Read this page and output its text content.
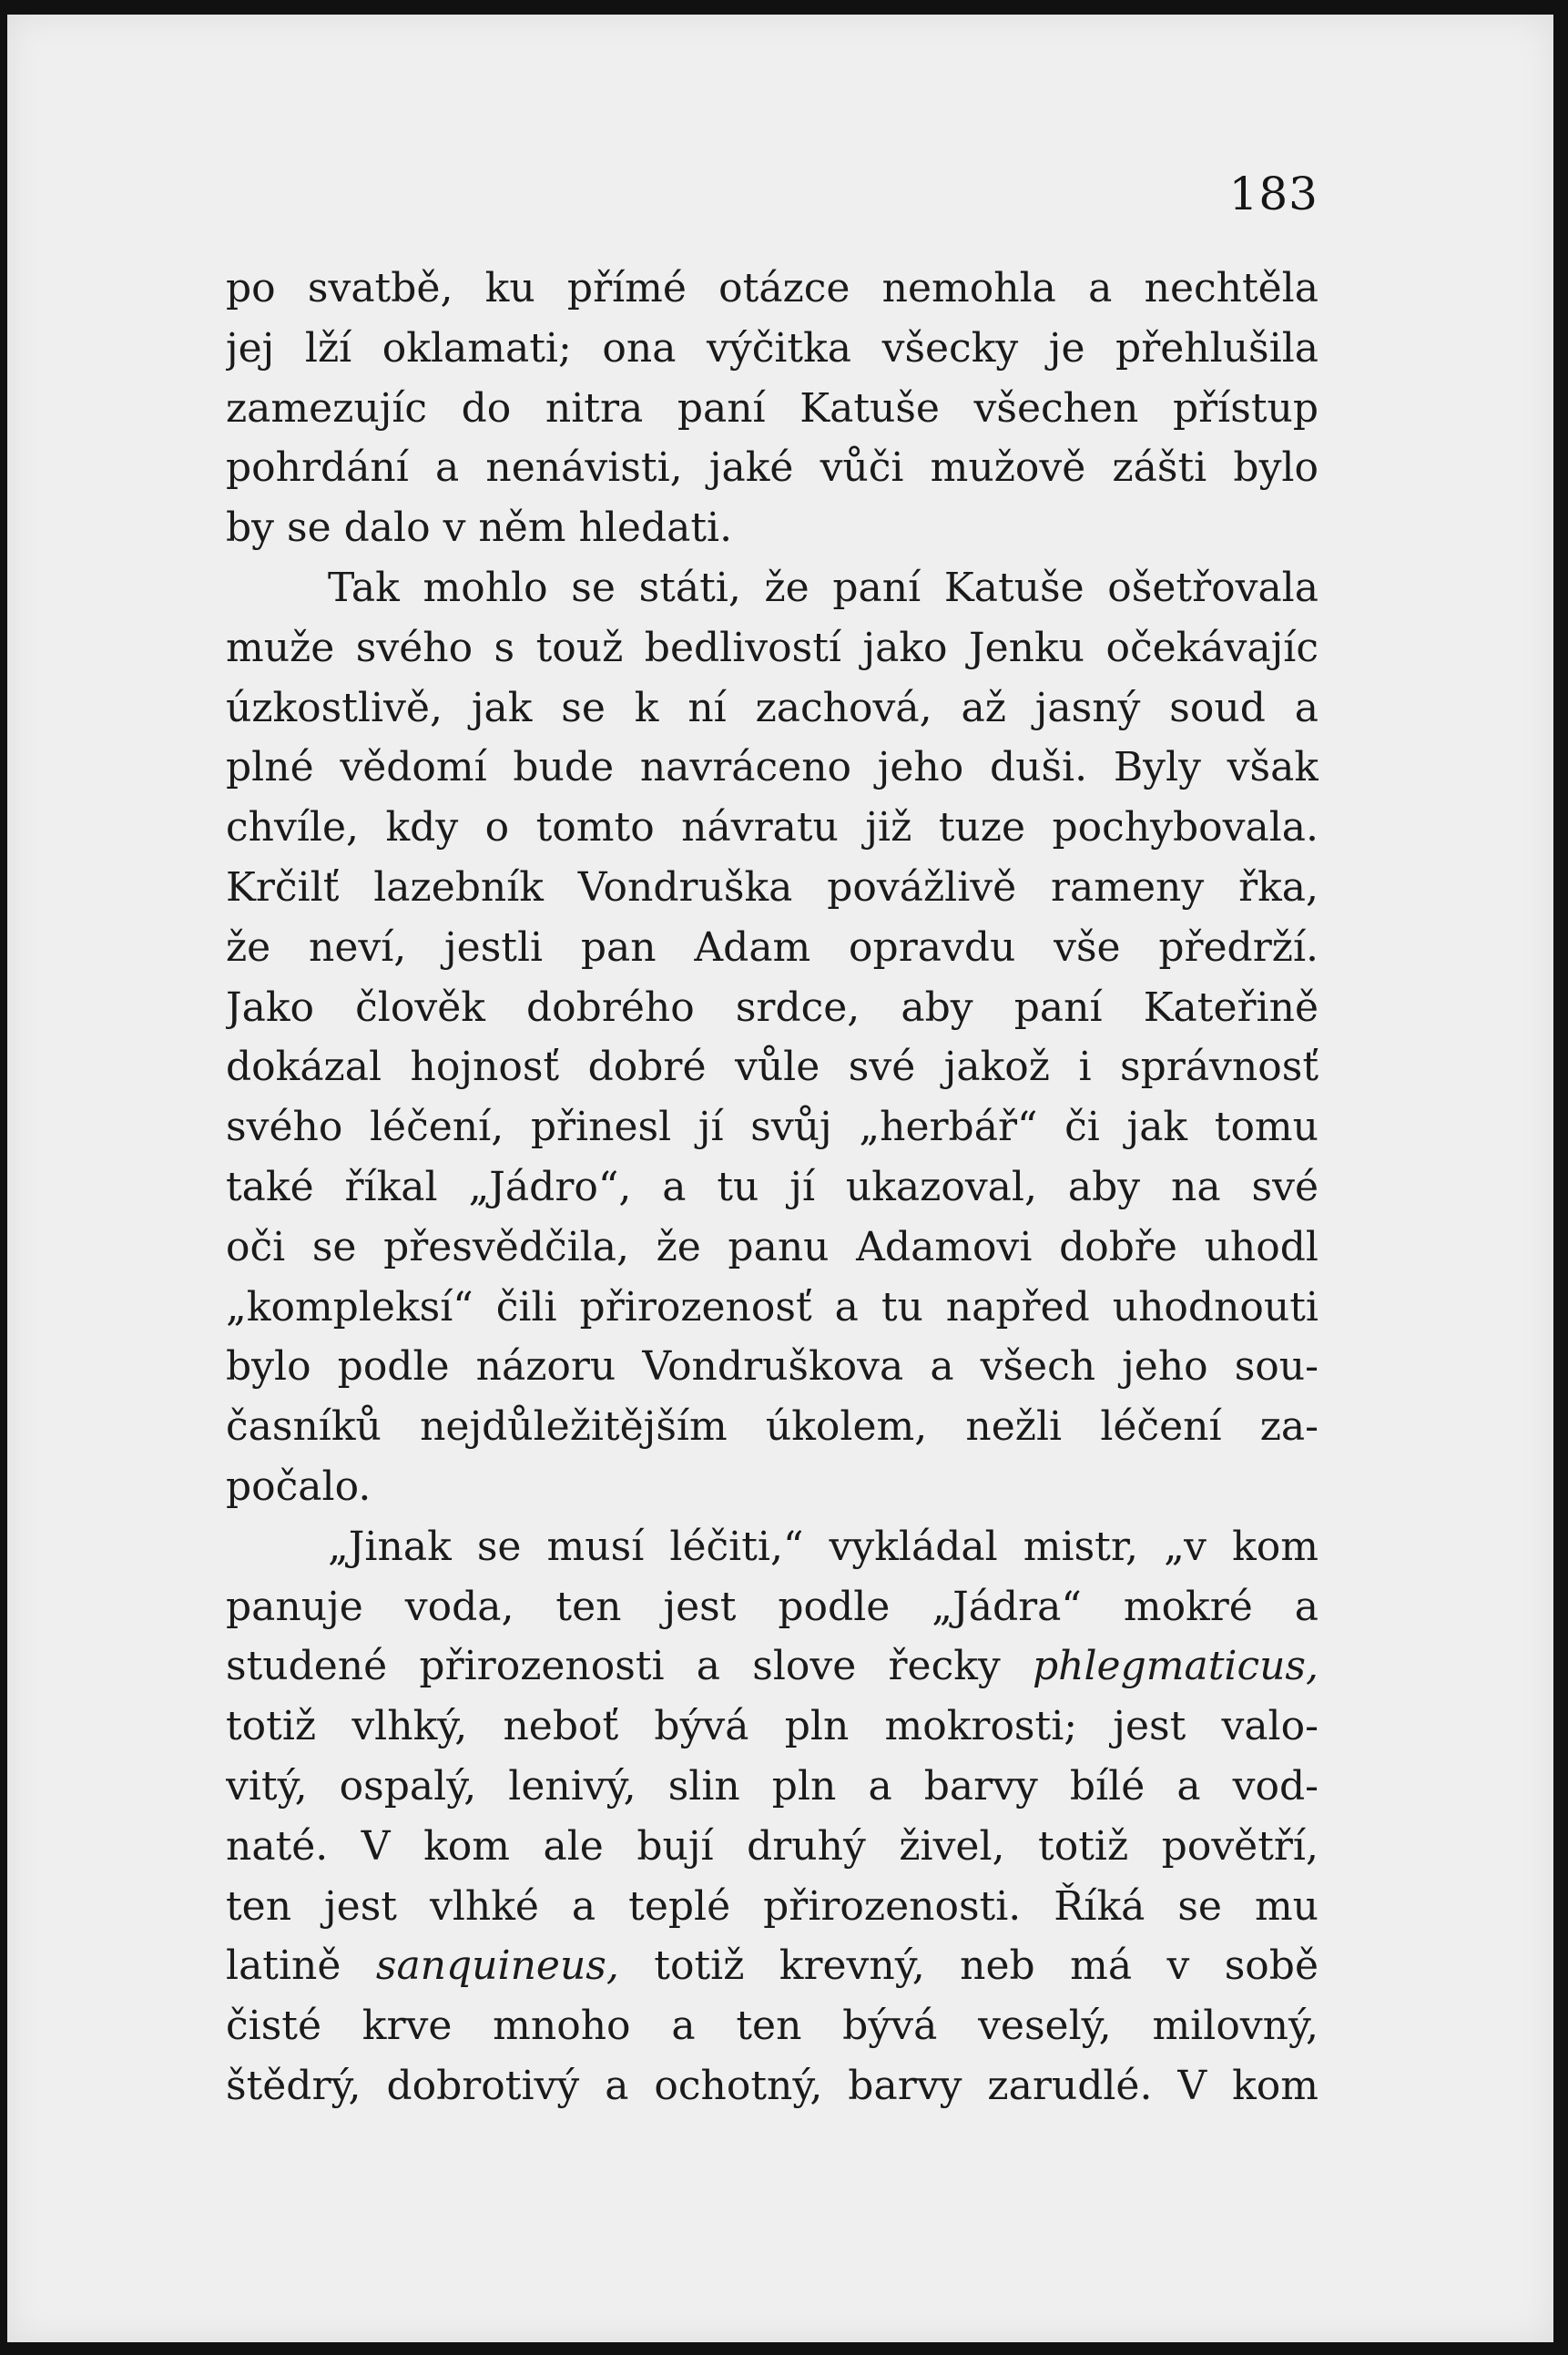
183
po svatbě, ku přímé otázce nemohla a nechtěla
jej lží oklamati; ona výčitka všecky je přehlušila
zamezujíc do nitra paní Katuše všechen přístup
pohrdání a nenávisti, jaké vůči mužově zášti bylo
by se dalo v něm hledati.
Tak mohlo se státi, že paní Katuše ošetřovala
muže svého s touž bedlivostí jako Jenku očekávajíc
úzkostlivě, jak se k ní zachová, až jasný soud a
plné vědomí bude navráceno jeho duši. Byly však
chvíle, kdy o tomto návratu již tuze pochybovala.
Krčilť lazebník Vondruška povážlivě rameny řka,
že neví, jestli pan Adam opravdu vše předrží.
Jako člověk dobrého srdce, aby paní Kateřině
dokázal hojnosť dobré vůle své jakož i správnosť
svého léčení, přinesl jí svůj „herbář“ či jak tomu
také říkal „Jádro“, a tu jí ukazoval, aby na své
oči se přesvědčila, že panu Adamovi dobře uhodl
„kompleksí“ čili přirozenosť a tu napřed uhodnouti
bylo podle názoru Vondruškova a všech jeho sou-
časníků nejdůležitějším úkolem, nežli léčení za-
počalo.
„Jinak se musí léčiti,“ vykládal mistr, „v kom
panuje voda, ten jest podle „Jádra“ mokré a
studené přirozenosti a slove řecky phlegmaticus,
totiž vlhký, neboť bývá pln mokrosti; jest valo-
vitý, ospalý, lenivý, slin pln a barvy bílé a vod-
naté. V kom ale bují druhý živel, totiž povětří,
ten jest vlhké a teplé přirozenosti. Říká se mu
latině sanquineus, totiž krevný, neb má v sobě
čisté krve mnoho a ten bývá veselý, milovný,
štědrý, dobrotivý a ochotný, barvy zarudlé. V kom
